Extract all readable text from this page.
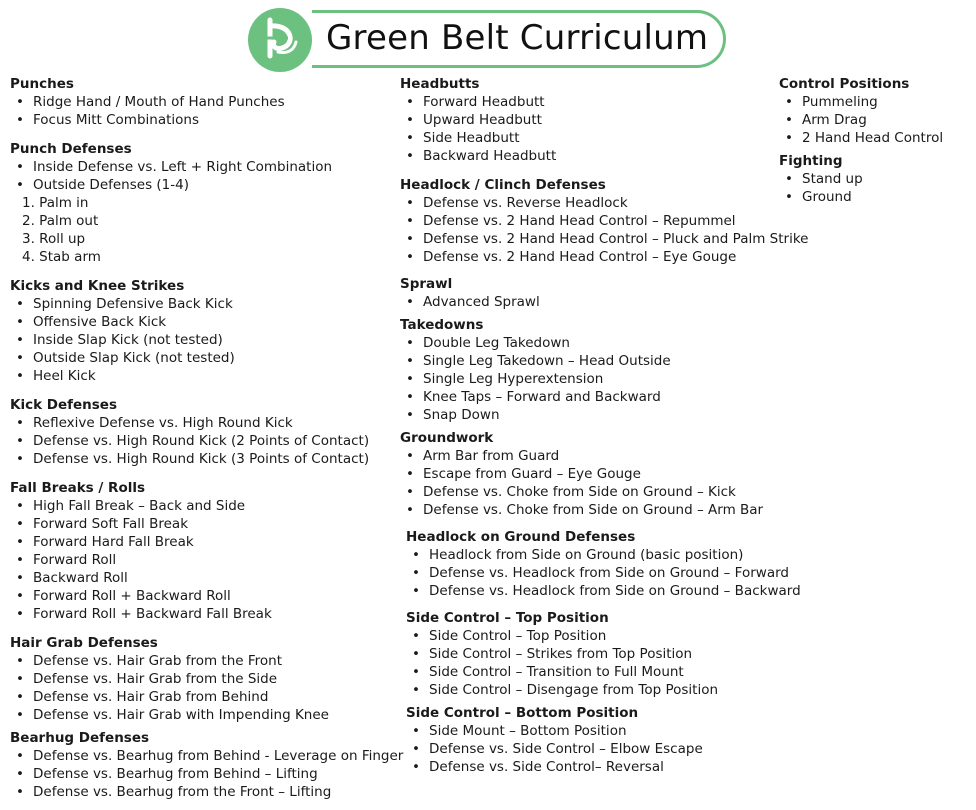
Green Belt Curriculum
Punches
• Ridge Hand / Mouth of Hand Punches
• Focus Mitt Combinations
Punch Defenses
• Inside Defense vs. Left + Right Combination
• Outside Defenses (1-4)
1. Palm in
2. Palm out
3. Roll up
4. Stab arm
Kicks and Knee Strikes
• Spinning Defensive Back Kick
• Offensive Back Kick
• Inside Slap Kick (not tested)
• Outside Slap Kick (not tested)
• Heel Kick
Kick Defenses
• Reflexive Defense vs. High Round Kick
• Defense vs. High Round Kick (2 Points of Contact)
• Defense vs. High Round Kick (3 Points of Contact)
Fall Breaks / Rolls
• High Fall Break – Back and Side
• Forward Soft Fall Break
• Forward Hard Fall Break
• Forward Roll
• Backward Roll
• Forward Roll + Backward Roll
• Forward Roll + Backward Fall Break
Hair Grab Defenses
• Defense vs. Hair Grab from the Front
• Defense vs. Hair Grab from the Side
• Defense vs. Hair Grab from Behind
• Defense vs. Hair Grab with Impending Knee
Bearhug Defenses
• Defense vs. Bearhug from Behind - Leverage on Finger
• Defense vs. Bearhug from Behind – Lifting
• Defense vs. Bearhug from the Front – Lifting
Headbutts
• Forward Headbutt
• Upward Headbutt
• Side Headbutt
• Backward Headbutt
Headlock / Clinch Defenses
• Defense vs. Reverse Headlock
• Defense vs. 2 Hand Head Control – Repummel
• Defense vs. 2 Hand Head Control – Pluck and Palm Strike
• Defense vs. 2 Hand Head Control – Eye Gouge
Sprawl
• Advanced Sprawl
Takedowns
• Double Leg Takedown
• Single Leg Takedown – Head Outside
• Single Leg Hyperextension
• Knee Taps – Forward and Backward
• Snap Down
Groundwork
• Arm Bar from Guard
• Escape from Guard – Eye Gouge
• Defense vs. Choke from Side on Ground – Kick
• Defense vs. Choke from Side on Ground – Arm Bar
Headlock on Ground Defenses
• Headlock from Side on Ground (basic position)
• Defense vs. Headlock from Side on Ground – Forward
• Defense vs. Headlock from Side on Ground – Backward
Side Control – Top Position
• Side Control – Top Position
• Side Control – Strikes from Top Position
• Side Control – Transition to Full Mount
• Side Control – Disengage from Top Position
Side Control – Bottom Position
• Side Mount – Bottom Position
• Defense vs. Side Control – Elbow Escape
• Defense vs. Side Control– Reversal
Control Positions
• Pummeling
• Arm Drag
• 2 Hand Head Control
Fighting
• Stand up
• Ground
